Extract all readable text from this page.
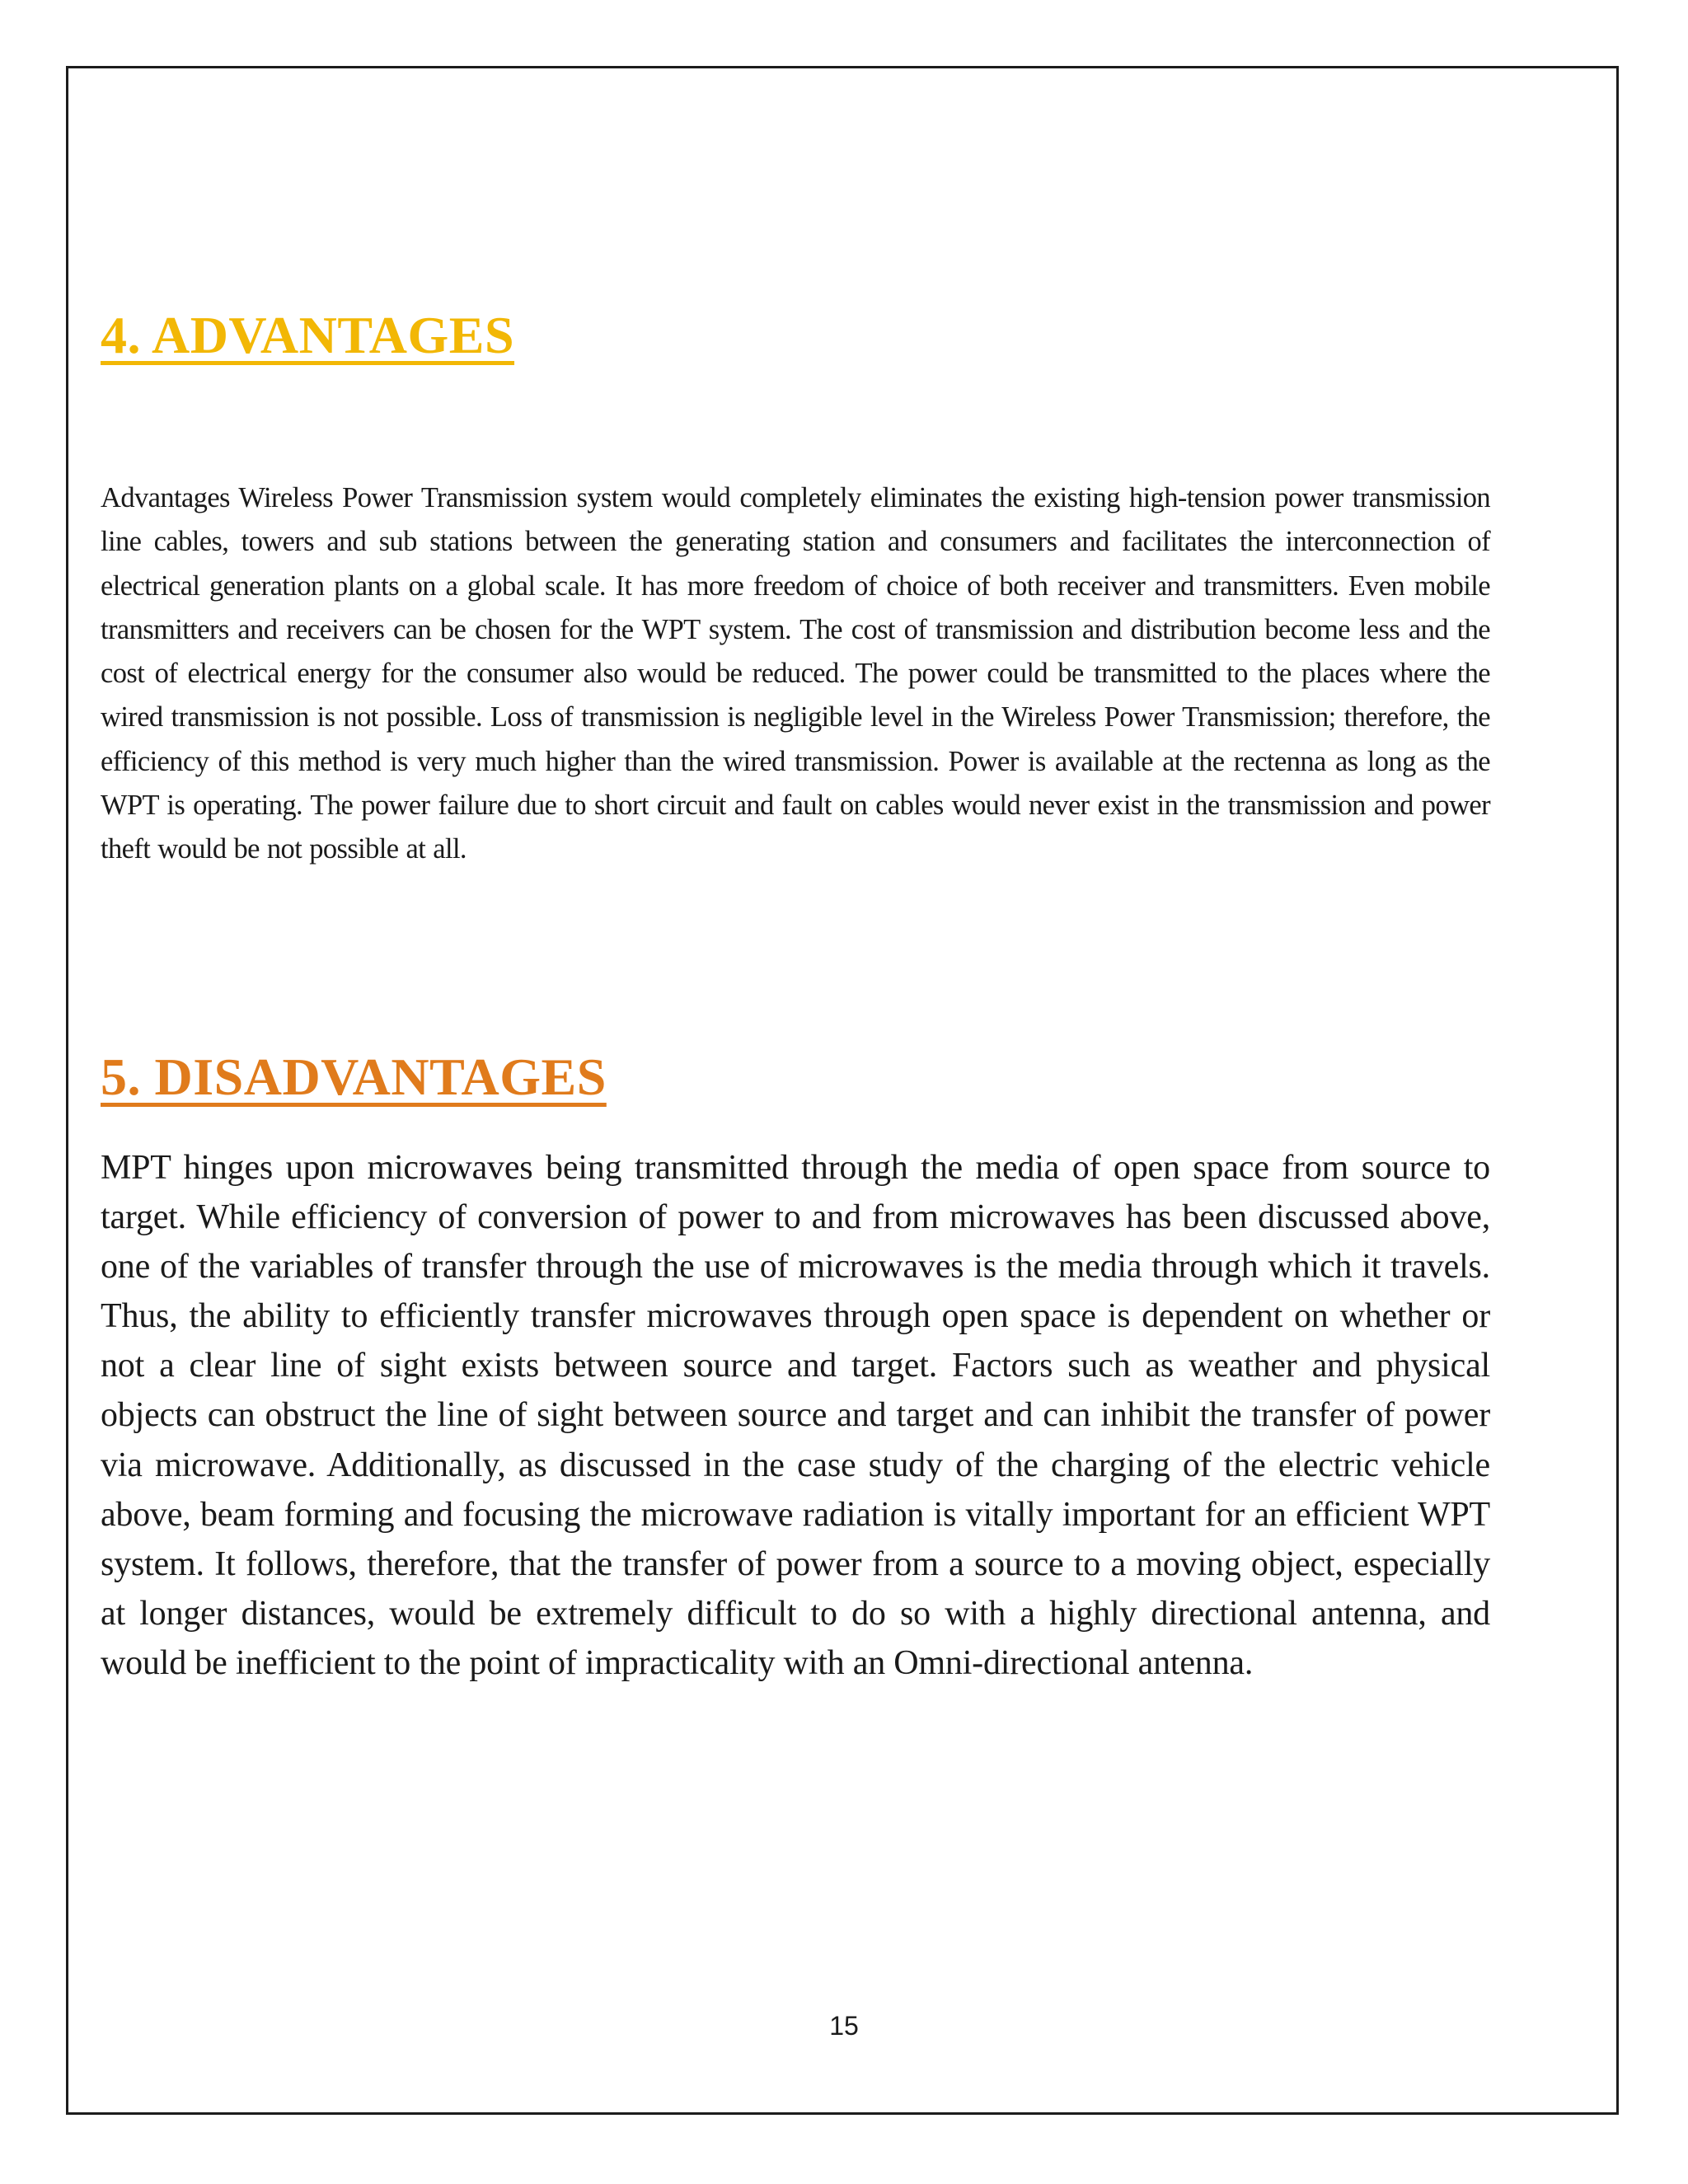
4. ADVANTAGES

Advantages Wireless Power Transmission system would completely eliminates the existing high-tension power transmission line cables, towers and sub stations between the generating station and consumers and facilitates the interconnection of electrical generation plants on a global scale. It has more freedom of choice of both receiver and transmitters. Even mobile transmitters and receivers can be chosen for the WPT system. The cost of transmission and distribution become less and the cost of electrical energy for the consumer also would be reduced. The power could be transmitted to the places where the wired transmission is not possible. Loss of transmission is negligible level in the Wireless Power Transmission; therefore, the efficiency of this method is very much higher than the wired transmission. Power is available at the rectenna as long as the WPT is operating. The power failure due to short circuit and fault on cables would never exist in the transmission and power theft would be not possible at all.

5. DISADVANTAGES

MPT hinges upon microwaves being transmitted through the media of open space from source to target. While efficiency of conversion of power to and from microwaves has been discussed above, one of the variables of transfer through the use of microwaves is the media through which it travels. Thus, the ability to efficiently transfer microwaves through open space is dependent on whether or not a clear line of sight exists between source and target. Factors such as weather and physical objects can obstruct the line of sight between source and target and can inhibit the transfer of power via microwave. Additionally, as discussed in the case study of the charging of the electric vehicle above, beam forming and focusing the microwave radiation is vitally important for an efficient WPT system. It follows, therefore, that the transfer of power from a source to a moving object, especially at longer distances, would be extremely difficult to do so with a highly directional antenna, and would be inefficient to the point of impracticality with an Omni-directional antenna.

15
